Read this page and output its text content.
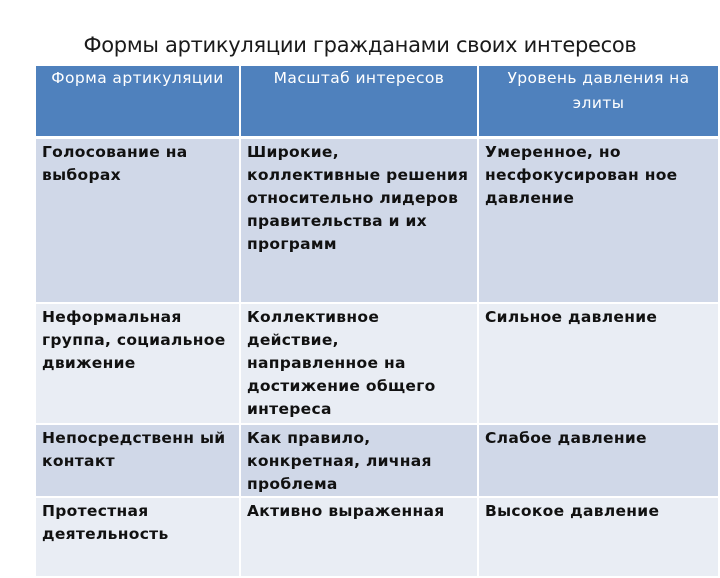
Формы артикуляции гражданами своих интересов
Форма артикуляции	Масштаб интересов	Уровень давления на элиты
Голосование на выборах	Широкие, коллективные решения относительно лидеров правительства и их программ	Умеренное, но несфокусирован ное давление
Неформальная группа, социальное движение	Коллективное действие, направленное на достижение общего интереса	Сильное давление
Непосредственн ый контакт	Как правило, конкретная, личная проблема	Слабое давление
Протестная деятельность	Активно выраженная	Высокое давление
